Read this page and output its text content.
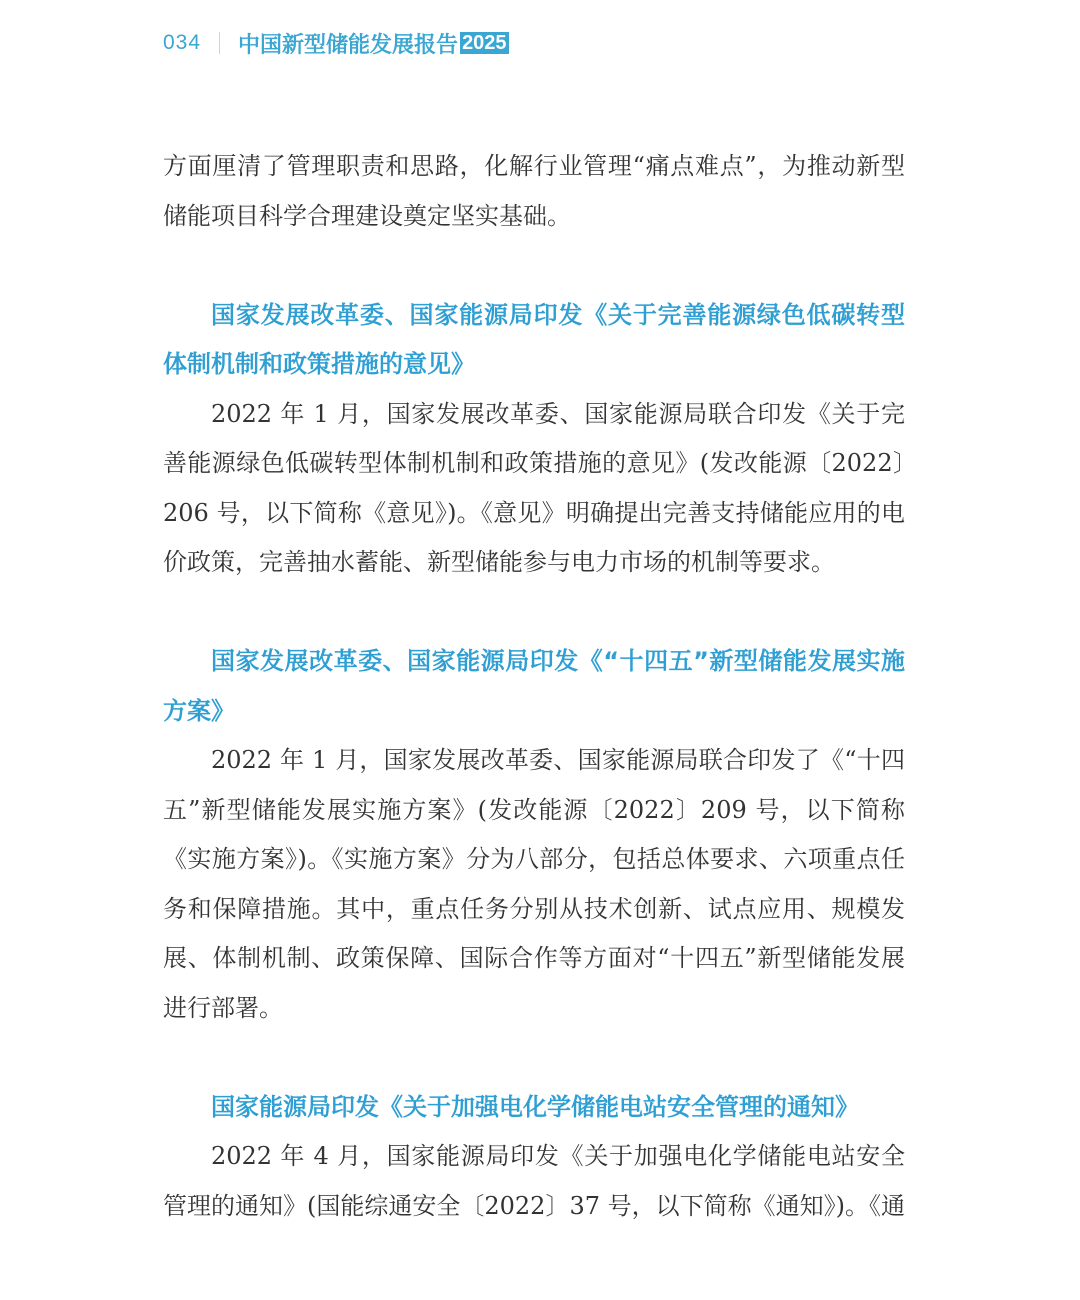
034 中国新型储能发展报告 2025

方面厘清了管理职责和思路，化解行业管理“痛点难点”，为推动新型储能项目科学合理建设奠定坚实基础。

国家发展改革委、国家能源局印发《关于完善能源绿色低碳转型体制机制和政策措施的意见》

2022 年 1 月，国家发展改革委、国家能源局联合印发《关于完善能源绿色低碳转型体制机制和政策措施的意见》(发改能源〔2022〕206 号，以下简称《意见》)。《意见》明确提出完善支持储能应用的电价政策，完善抽水蓄能、新型储能参与电力市场的机制等要求。

国家发展改革委、国家能源局印发《“十四五”新型储能发展实施方案》

2022 年 1 月，国家发展改革委、国家能源局联合印发了《“十四五”新型储能发展实施方案》(发改能源〔2022〕209 号，以下简称《实施方案》)。《实施方案》分为八部分，包括总体要求、六项重点任务和保障措施。其中，重点任务分别从技术创新、试点应用、规模发展、体制机制、政策保障、国际合作等方面对“十四五”新型储能发展进行部署。

国家能源局印发《关于加强电化学储能电站安全管理的通知》

2022 年 4 月，国家能源局印发《关于加强电化学储能电站安全管理的通知》(国能综通安全〔2022〕37 号，以下简称《通知》)。《通
